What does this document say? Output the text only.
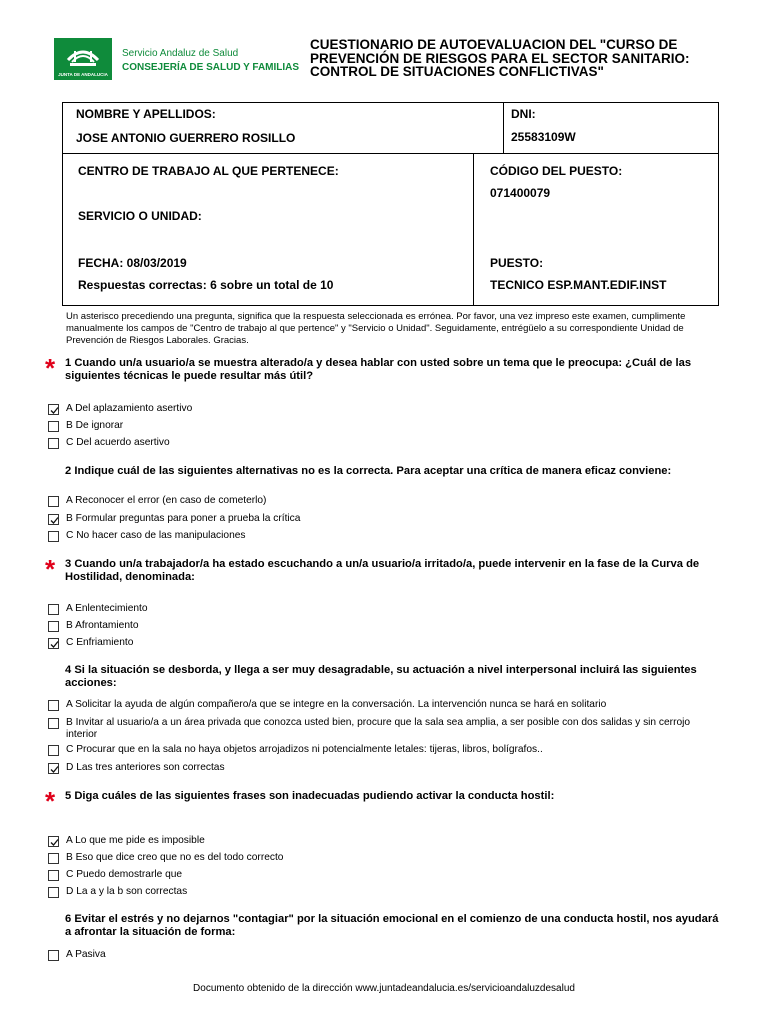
JUNTA DE ANDALUCIA
Servicio Andaluz de Salud
CONSEJERÍA DE SALUD Y FAMILIAS
CUESTIONARIO DE AUTOEVALUACION DEL "CURSO DE PREVENCIÓN DE RIESGOS PARA EL SECTOR SANITARIO: CONTROL DE SITUACIONES CONFLICTIVAS"
NOMBRE Y APELLIDOS:
JOSE ANTONIO GUERRERO ROSILLO
DNI:
25583109W
CENTRO DE TRABAJO AL QUE PERTENECE:
SERVICIO O UNIDAD:
FECHA: 08/03/2019
Respuestas correctas: 6 sobre un total de 10
CÓDIGO DEL PUESTO:
071400079
PUESTO:
TECNICO ESP.MANT.EDIF.INST
Un asterisco precediendo una pregunta, significa que la respuesta seleccionada es errónea. Por favor, una vez impreso este examen, cumplimente manualmente los campos de "Centro de trabajo al que pertence" y "Servicio o Unidad". Seguidamente, entrégüelo a su correspondiente Unidad de Prevención de Riesgos Laborales. Gracias.
* 1 Cuando un/a usuario/a se muestra alterado/a y desea hablar con usted sobre un tema que le preocupa: ¿Cuál de las siguientes técnicas le puede resultar más útil?
A Del aplazamiento asertivo
B De ignorar
C Del acuerdo asertivo
2 Indique cuál de las siguientes alternativas no es la correcta. Para aceptar una crítica de manera eficaz conviene:
A Reconocer el error (en caso de cometerlo)
B Formular preguntas para poner a prueba la crítica
C No hacer caso de las manipulaciones
* 3 Cuando un/a trabajador/a ha estado escuchando a un/a usuario/a irritado/a, puede intervenir en la fase de la Curva de Hostilidad, denominada:
A Enlentecimiento
B Afrontamiento
C Enfriamiento
4 Si la situación se desborda, y llega a ser muy desagradable, su actuación a nivel interpersonal incluirá las siguientes acciones:
A Solicitar la ayuda de algún compañero/a que se integre en la conversación. La intervención nunca se hará en solitario
B Invitar al usuario/a a un área privada que conozca usted bien, procure que la sala sea amplia, a ser posible con dos salidas y sin cerrojo interior
C Procurar que en la sala no haya objetos arrojadizos ni potencialmente letales: tijeras, libros, bolígrafos..
D Las tres anteriores son correctas
* 5 Diga cuáles de las siguientes frases son inadecuadas pudiendo activar la conducta hostil:
A Lo que me pide es imposible
B Eso que dice creo que no es del todo correcto
C Puedo demostrarle que
D La a y la b son correctas
6 Evitar el estrés y no dejarnos "contagiar" por la situación emocional en el comienzo de una conducta hostil, nos ayudará a afrontar la situación de forma:
A Pasiva
Documento obtenido de la dirección www.juntadeandalucia.es/servicioandaluzdesalud
